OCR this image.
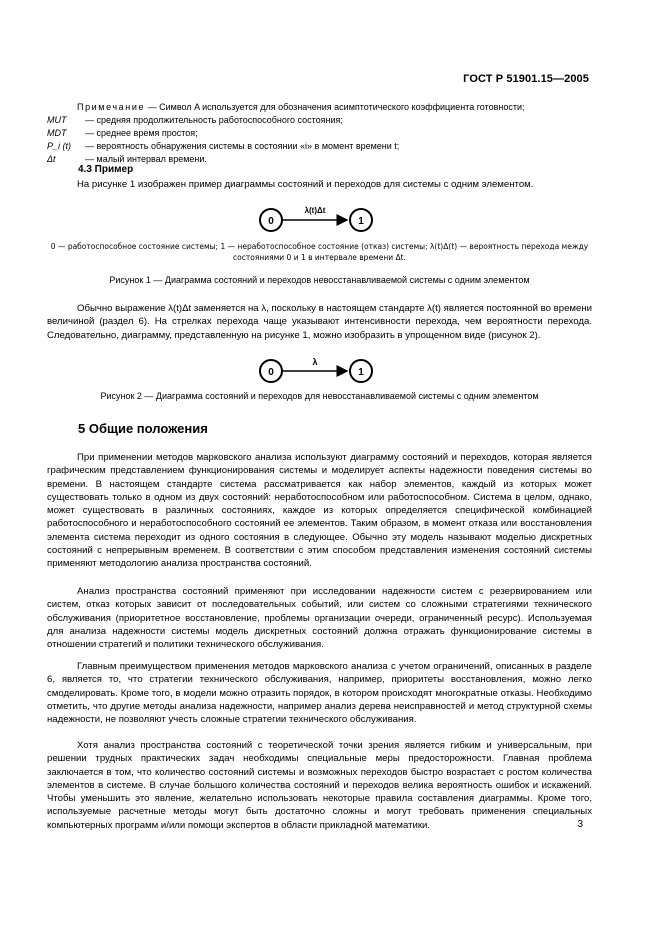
ГОСТ Р 51901.15—2005
Примечание — Символ A используется для обозначения асимптотического коэффициента готовности;
MUT	— средняя продолжительность работоспособного состояния;
MDT	— среднее время простоя;
P_i (t)	— вероятность обнаружения системы в состоянии «i» в момент времени t;
Δt	— малый интервал времени.
4.3 Пример

На рисунке 1 изображен пример диаграммы состояний и переходов для системы с одним элементом.

0
λ(t)Δt
1
0 — работоспособное состояние системы; 1 — неработоспособное состояние (отказ) системы; λ(t)Δ(t) — вероятность перехода между состояниями 0 и 1 в интервале времени Δt.
Рисунок 1 — Диаграмма состояний и переходов невосстанавливаемой системы с одним элементом

Обычно выражение λ(t)Δt заменяется на λ, поскольку в настоящем стандарте λ(t) является постоянной во времени величиной (раздел 6). На стрелках перехода чаще указывают интенсивности перехода, чем вероятности перехода. Следовательно, диаграмму, представленную на рисунке 1, можно изобразить в упрощенном виде (рисунок 2).

0
λ
1
Рисунок 2 — Диаграмма состояний и переходов для невосстанавливаемой системы с одним элементом
5 Общие положения

При применении методов марковского анализа используют диаграмму состояний и переходов, которая является графическим представлением функционирования системы и моделирует аспекты надежности поведения системы во времени. В настоящем стандарте система рассматривается как набор элементов, каждый из которых может существовать только в одном из двух состояний: неработоспособном или работоспособном. Система в целом, однако, может существовать в различных состояниях, каждое из которых определяется специфической комбинацией работоспособного и неработоспособного состояний ее элементов. Таким образом, в момент отказа или восстановления элемента система переходит из одного состояния в следующее. Обычно эту модель называют моделью дискретных состояний с непрерывным временем. В соответствии с этим способом представления изменения состояний системы применяют методологию анализа пространства состояний.

Анализ пространства состояний применяют при исследовании надежности систем с резервированием или систем, отказ которых зависит от последовательных событий, или систем со сложными стратегиями технического обслуживания (приоритетное восстановление, проблемы организации очереди, ограниченный ресурс). Используемая для анализа надежности системы модель дискретных состояний должна отражать функционирование системы в отношении стратегий и политики технического обслуживания.

Главным преимуществом применения методов марковского анализа с учетом ограничений, описанных в разделе 6, является то, что стратегии технического обслуживания, например, приоритеты восстановления, можно легко смоделировать. Кроме того, в модели можно отразить порядок, в котором происходят многократные отказы. Необходимо отметить, что другие методы анализа надежности, например анализ дерева неисправностей и метод структурной схемы надежности, не позволяют учесть сложные стратегии технического обслуживания.

Хотя анализ пространства состояний с теоретической точки зрения является гибким и универсальным, при решении трудных практических задач необходимы специальные меры предосторожности. Главная проблема заключается в том, что количество состояний системы и возможных переходов быстро возрастает с ростом количества элементов в системе. В случае большого количества состояний и переходов велика вероятность ошибок и искажений. Чтобы уменьшить это явление, желательно использовать некоторые правила составления диаграммы. Кроме того, используемые расчетные методы могут быть достаточно сложны и могут требовать применения специальных компьютерных программ и/или помощи экспертов в области прикладной математики.	3
